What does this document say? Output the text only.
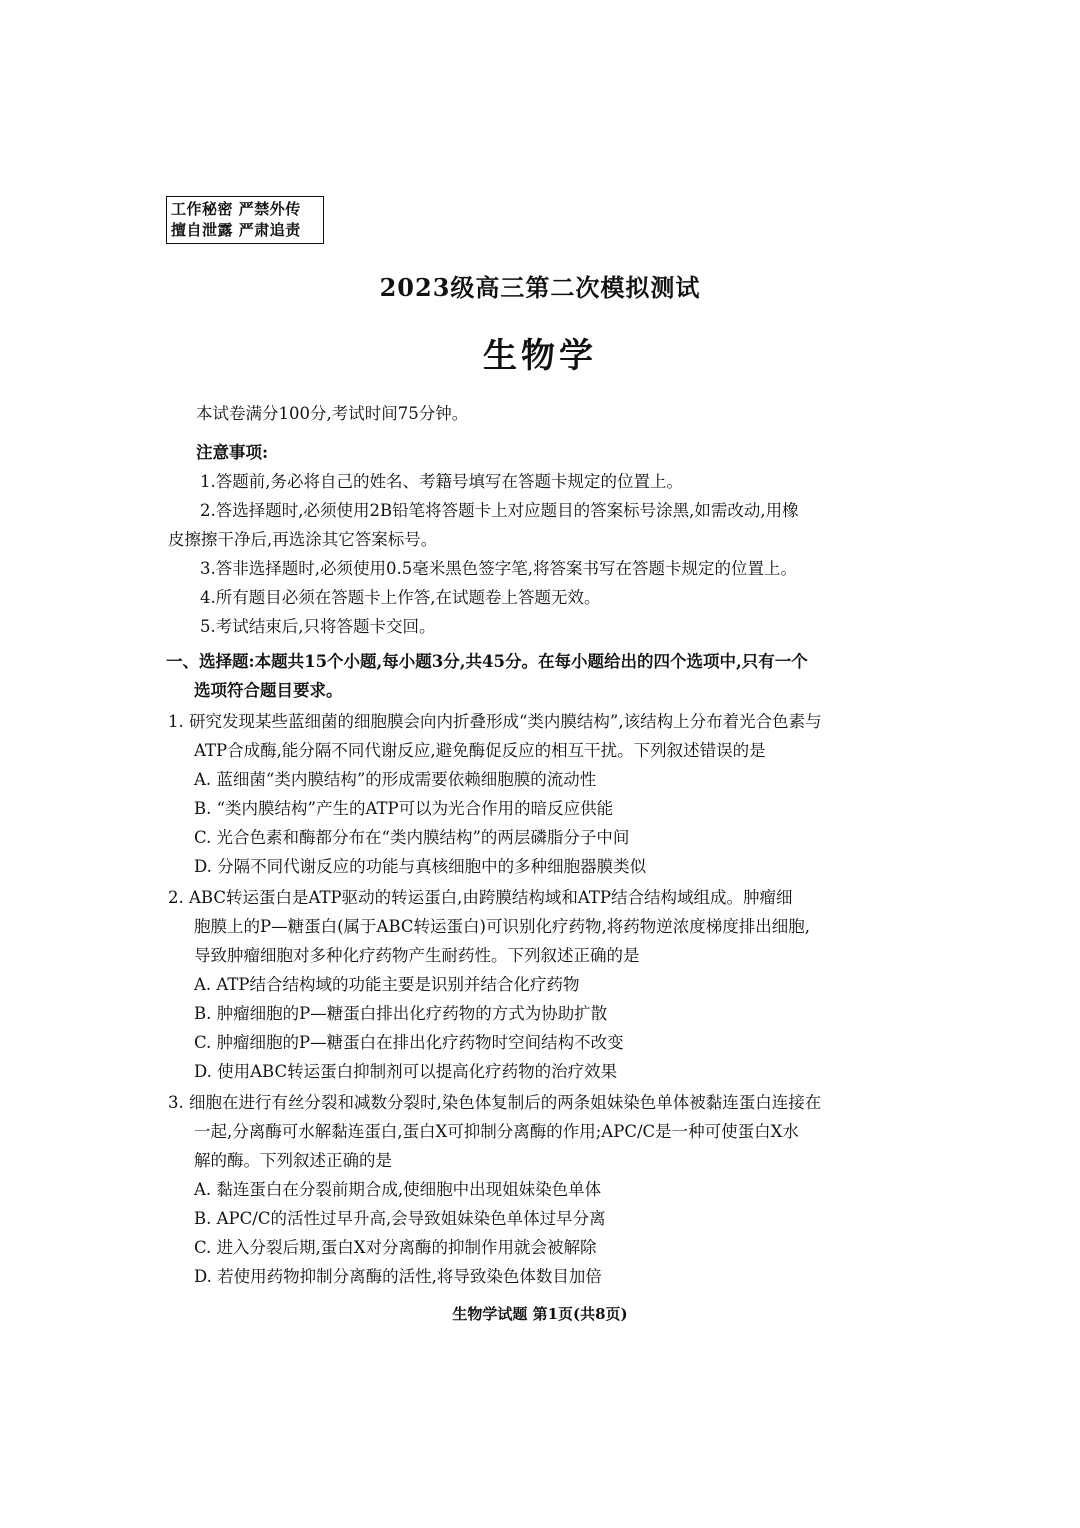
工作秘密 严禁外传
擅自泄露 严肃追责
2023级高三第二次模拟测试
生物学
本试卷满分100分,考试时间75分钟。
注意事项:
1.答题前,务必将自己的姓名、考籍号填写在答题卡规定的位置上。
2.答选择题时,必须使用2B铅笔将答题卡上对应题目的答案标号涂黑,如需改动,用橡
皮擦擦干净后,再选涂其它答案标号。
3.答非选择题时,必须使用0.5毫米黑色签字笔,将答案书写在答题卡规定的位置上。
4.所有题目必须在答题卡上作答,在试题卷上答题无效。
5.考试结束后,只将答题卡交回。
一、选择题:本题共15个小题,每小题3分,共45分。在每小题给出的四个选项中,只有一个
选项符合题目要求。
1. 研究发现某些蓝细菌的细胞膜会向内折叠形成“类内膜结构”,该结构上分布着光合色素与
ATP合成酶,能分隔不同代谢反应,避免酶促反应的相互干扰。下列叙述错误的是
A. 蓝细菌“类内膜结构”的形成需要依赖细胞膜的流动性
B. “类内膜结构”产生的ATP可以为光合作用的暗反应供能
C. 光合色素和酶都分布在“类内膜结构”的两层磷脂分子中间
D. 分隔不同代谢反应的功能与真核细胞中的多种细胞器膜类似
2. ABC转运蛋白是ATP驱动的转运蛋白,由跨膜结构域和ATP结合结构域组成。肿瘤细
胞膜上的P—糖蛋白(属于ABC转运蛋白)可识别化疗药物,将药物逆浓度梯度排出细胞,
导致肿瘤细胞对多种化疗药物产生耐药性。下列叙述正确的是
A. ATP结合结构域的功能主要是识别并结合化疗药物
B. 肿瘤细胞的P—糖蛋白排出化疗药物的方式为协助扩散
C. 肿瘤细胞的P—糖蛋白在排出化疗药物时空间结构不改变
D. 使用ABC转运蛋白抑制剂可以提高化疗药物的治疗效果
3. 细胞在进行有丝分裂和减数分裂时,染色体复制后的两条姐妹染色单体被黏连蛋白连接在
一起,分离酶可水解黏连蛋白,蛋白X可抑制分离酶的作用;APC/C是一种可使蛋白X水
解的酶。下列叙述正确的是
A. 黏连蛋白在分裂前期合成,使细胞中出现姐妹染色单体
B. APC/C的活性过早升高,会导致姐妹染色单体过早分离
C. 进入分裂后期,蛋白X对分离酶的抑制作用就会被解除
D. 若使用药物抑制分离酶的活性,将导致染色体数目加倍
生物学试题 第1页(共8页)
